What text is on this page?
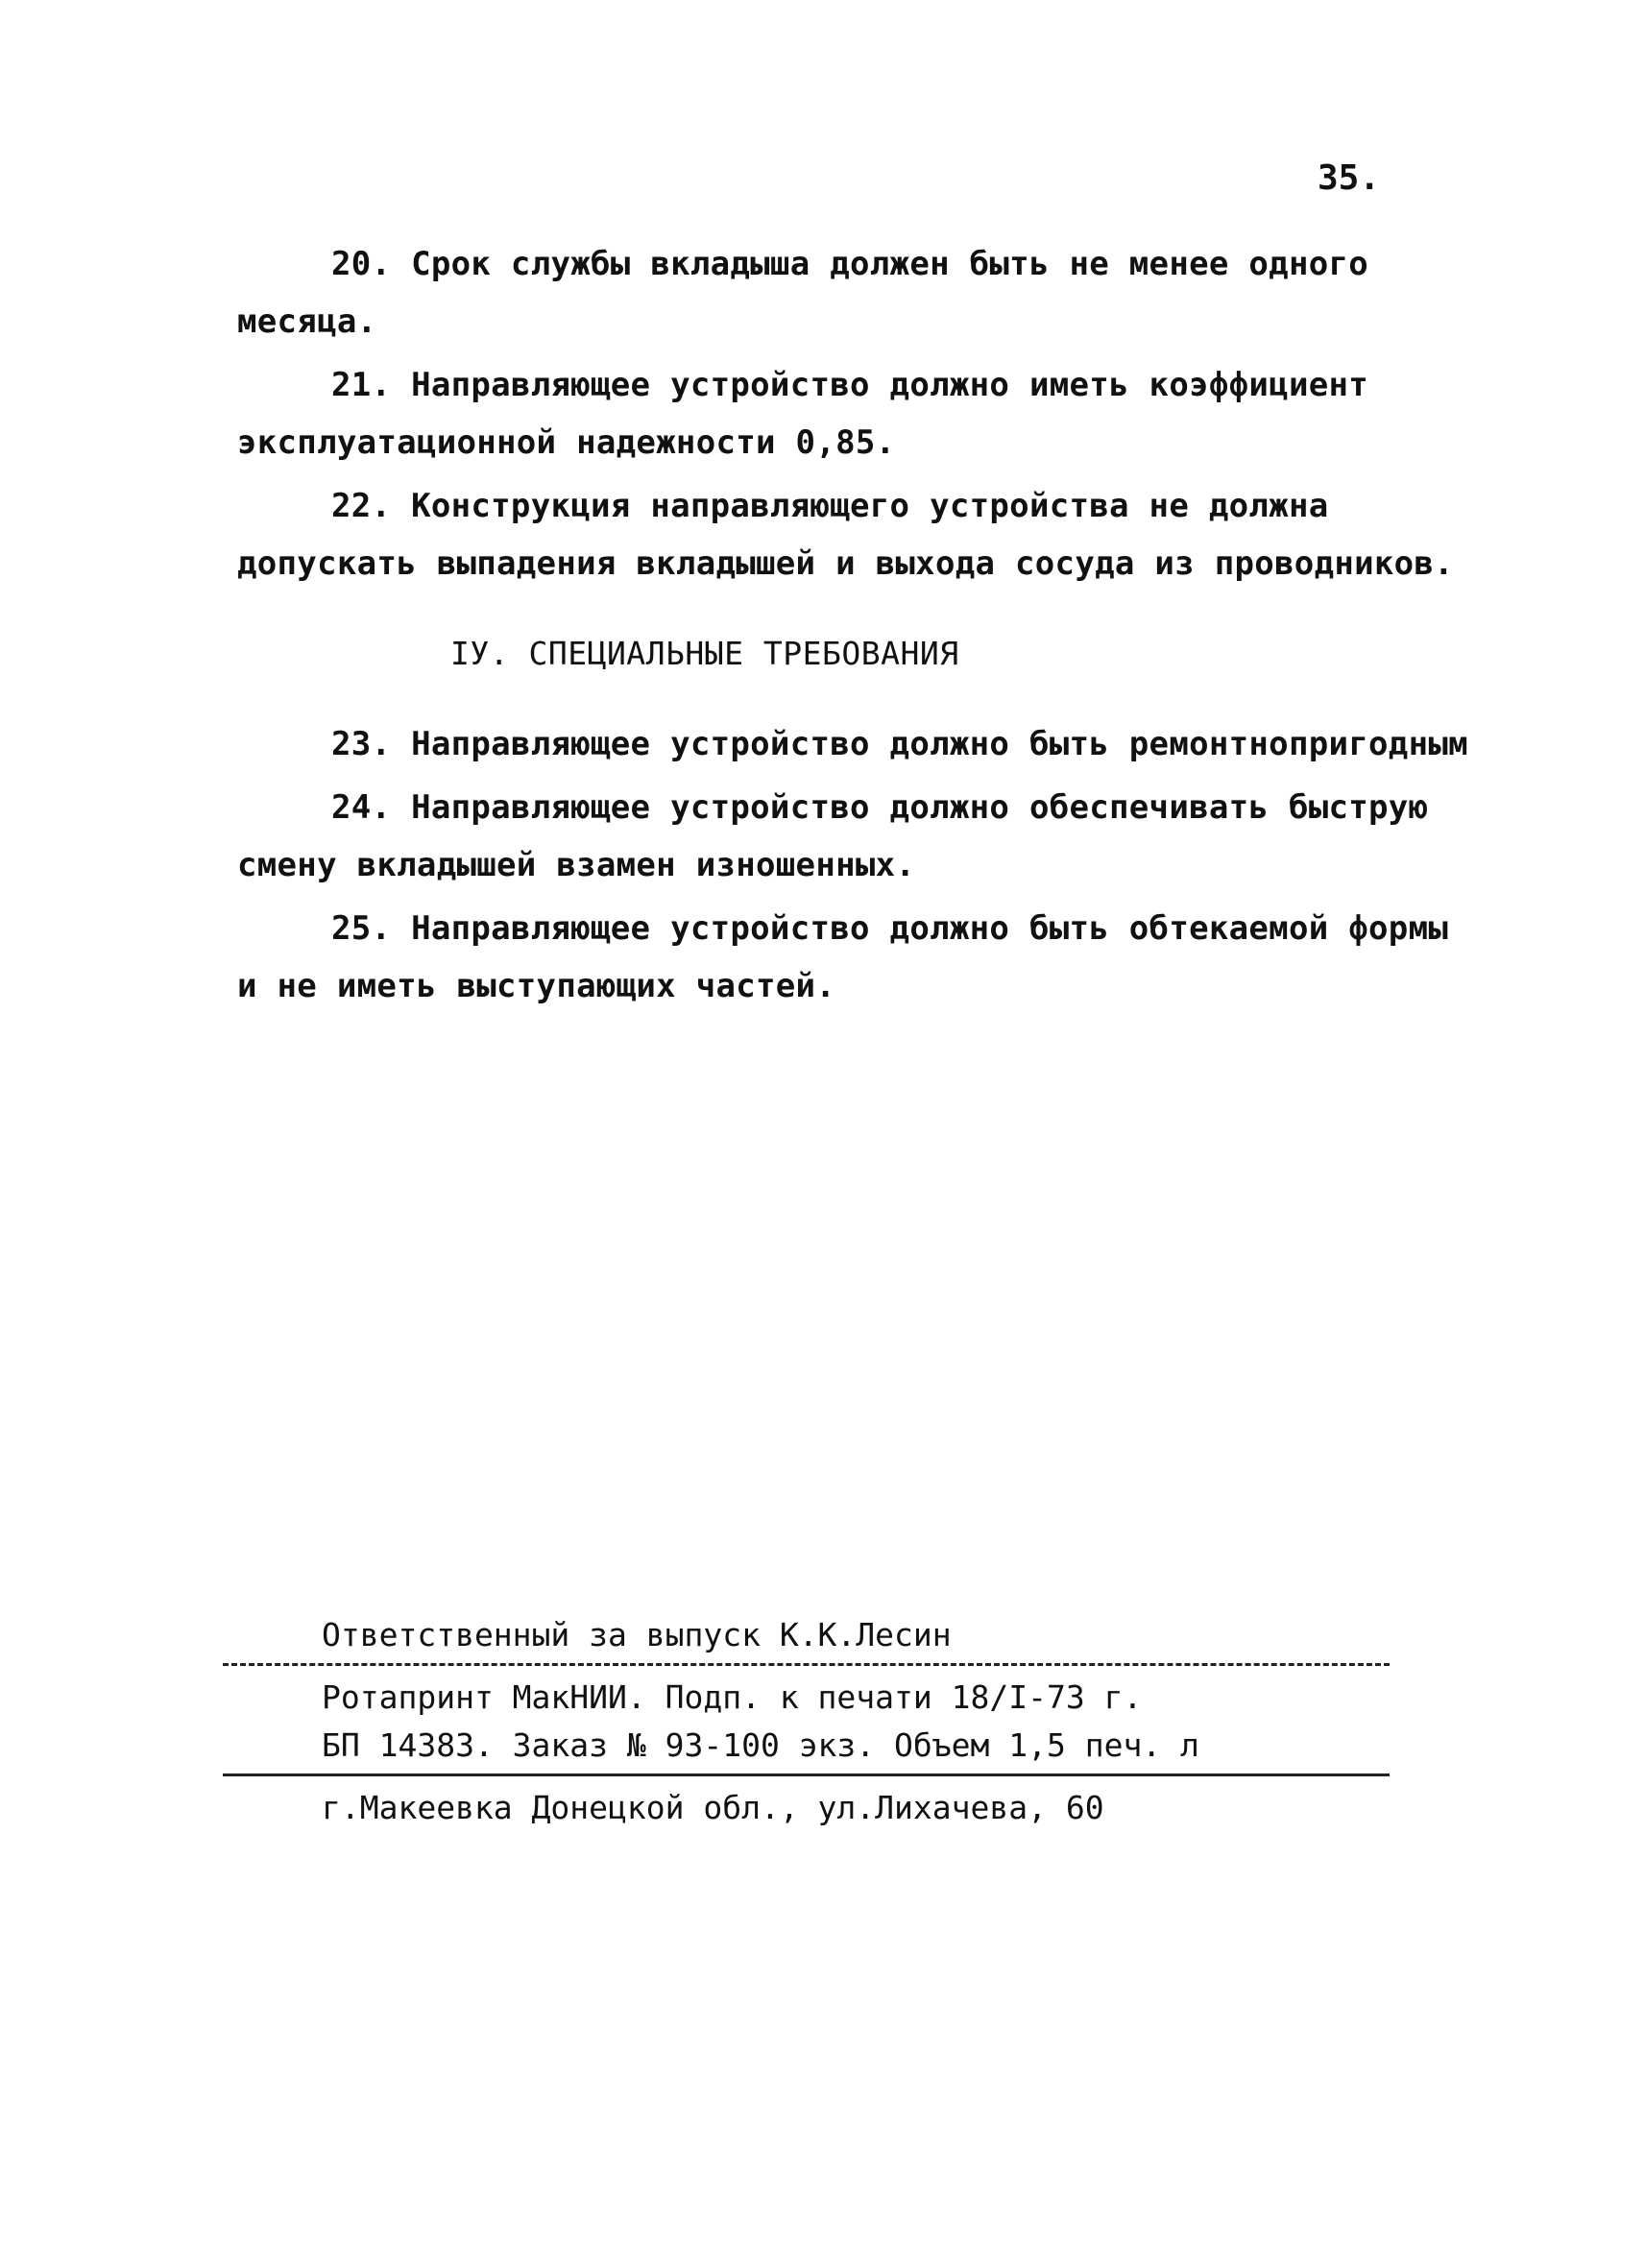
35.

20. Срок службы вкладыша должен быть не менее одного
месяца.

21. Направляющее устройство должно иметь коэффициент
эксплуатационной надежности 0,85.

22. Конструкция направляющего устройства не должна
допускать выпадения вкладышей и выхода сосуда из проводников.

IУ. СПЕЦИАЛЬНЫЕ ТРЕБОВАНИЯ

23. Направляющее устройство должно быть ремонтнопригодным

24. Направляющее устройство должно обеспечивать быструю
смену вкладышей взамен изношенных.

25. Направляющее устройство должно быть обтекаемой формы
и не иметь выступающих частей.

Ответственный за выпуск К.К.Лесин
Ротапринт МакНИИ. Подп. к печати 18/I-73 г.
БП 14383. Заказ № 93-100 экз. Объем 1,5 печ. л
г.Макеевка Донецкой обл., ул.Лихачева, 60
